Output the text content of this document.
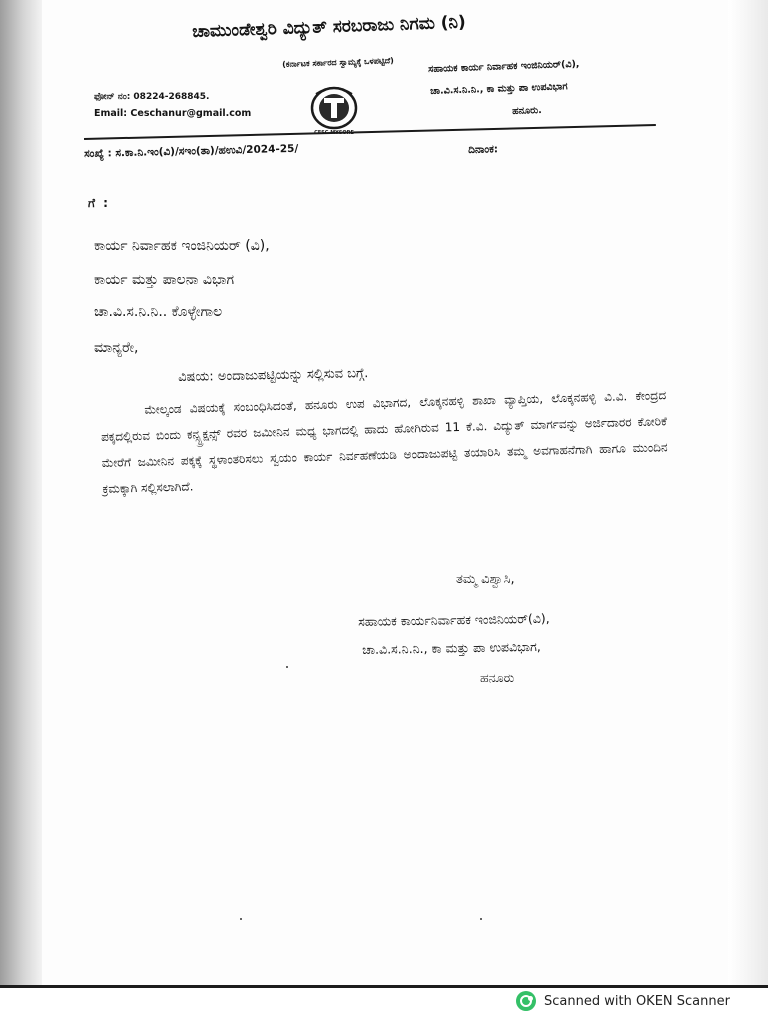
ಚಾಮುಂಡೇಶ್ವರಿ ವಿದ್ಯುತ್ ಸರಬರಾಜು ನಿಗಮ (ನಿ)
(ಕರ್ನಾಟಕ ಸರ್ಕಾರದ ಸ್ವಾಮ್ಯಕ್ಕೆ ಒಳಪಟ್ಟಿದೆ)
ಫೋನ್ ನಂ: 08224-268845.
Email: Ceschanur@gmail.com
ಸಹಾಯಕ ಕಾರ್ಯ ನಿರ್ವಾಹಕ ಇಂಜಿನಿಯರ್(ವಿ),
ಚಾ.ವಿ.ಸ.ನಿ.ನಿ., ಕಾ ಮತ್ತು ಪಾ ಉಪವಿಭಾಗ
ಹನೂರು.
ಸಂಖ್ಯೆ : ಸ.ಕಾ.ನಿ.ಇಂ(ವಿ)/ಸಇಂ(ತಾ)/ಹಉವಿ/2024-25/	ದಿನಾಂಕ:
ಗೆ :
ಕಾರ್ಯ ನಿರ್ವಾಹಕ ಇಂಜಿನಿಯರ್ (ವಿ),
ಕಾರ್ಯ ಮತ್ತು ಪಾಲನಾ ವಿಭಾಗ
ಚಾ.ವಿ.ಸ.ನಿ.ನಿ.. ಕೊಳ್ಳೇಗಾಲ
ಮಾನ್ಯರೇ,
ವಿಷಯ: ಅಂದಾಜುಪಟ್ಟಿಯನ್ನು ಸಲ್ಲಿಸುವ ಬಗ್ಗೆ.
ಮೇಲ್ಕಂಡ ವಿಷಯಕ್ಕೆ ಸಂಬಂಧಿಸಿದಂತೆ, ಹನೂರು ಉಪ ವಿಭಾಗದ, ಲೊಕ್ಕನಹಳ್ಳಿ ಶಾಖಾ ವ್ಯಾಪ್ತಿಯ, ಲೊಕ್ಕನಹಳ್ಳಿ ವಿ.ವಿ. ಕೇಂದ್ರದ ಪಕ್ಕದಲ್ಲಿರುವ ಬಿಂದು ಕನ್ಸ್ಟ್ರಕ್ಷನ್ಸ್ ರವರ ಜಮೀನಿನ ಮಧ್ಯ ಭಾಗದಲ್ಲಿ ಹಾದು ಹೋಗಿರುವ 11 ಕೆ.ವಿ. ವಿದ್ಯುತ್ ಮಾರ್ಗವನ್ನು ಅರ್ಜಿದಾರರ ಕೋರಿಕೆ ಮೇರೆಗೆ ಜಮೀನಿನ ಪಕ್ಕಕ್ಕೆ ಸ್ಥಳಾಂತರಿಸಲು ಸ್ವಯಂ ಕಾರ್ಯ ನಿರ್ವಹಣೆಯಡಿ ಅಂದಾಜುಪಟ್ಟಿ ತಯಾರಿಸಿ ತಮ್ಮ ಅವಗಾಹನೆಗಾಗಿ ಹಾಗೂ ಮುಂದಿನ ಕ್ರಮಕ್ಕಾಗಿ ಸಲ್ಲಿಸಲಾಗಿದೆ.
ತಮ್ಮ ವಿಶ್ವಾಸಿ,
ಸಹಾಯಕ ಕಾರ್ಯನಿರ್ವಾಹಕ ಇಂಜಿನಿಯರ್(ವಿ),
ಚಾ.ವಿ.ಸ.ನಿ.ನಿ., ಕಾ ಮತ್ತು ಪಾ ಉಪವಿಭಾಗ,
ಹನೂರು
Scanned with OKEN Scanner
